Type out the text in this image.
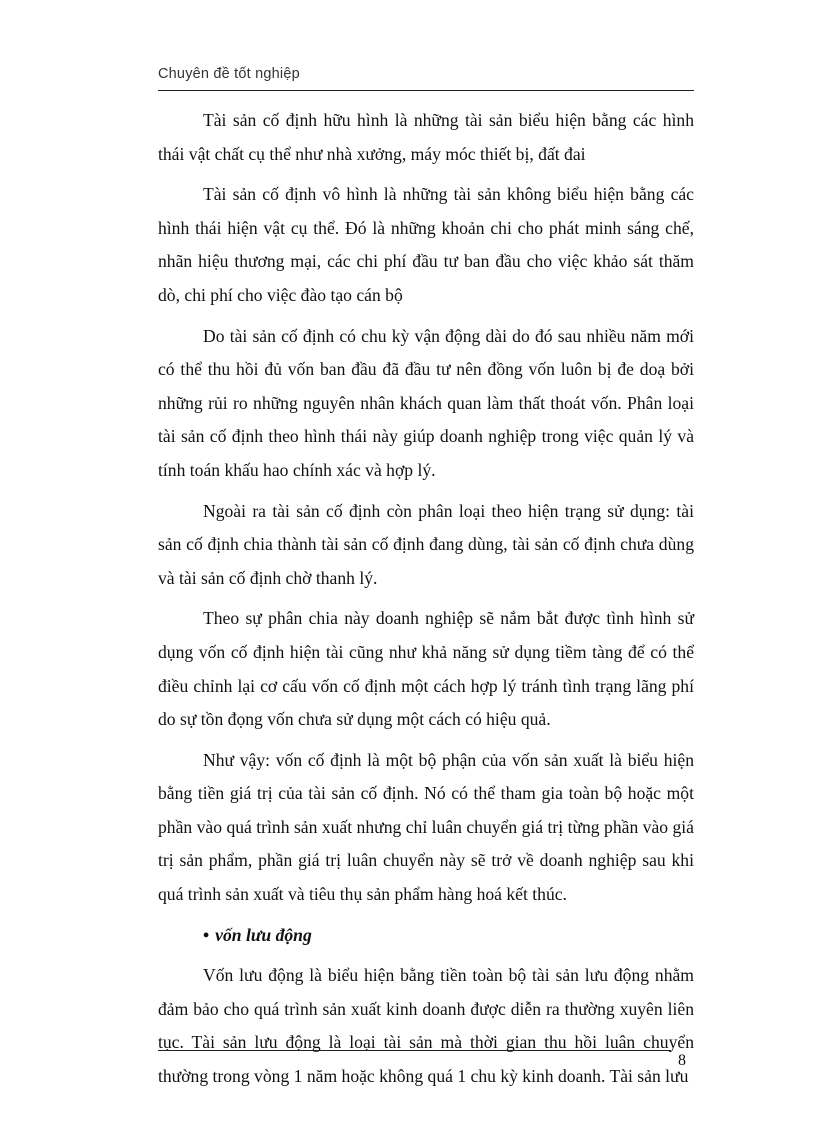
Chuyên đề tốt nghiệp

Tài sản cố định hữu hình là những tài sản biểu hiện bằng các hình thái vật chất cụ thể như nhà xưởng, máy móc thiết bị, đất đai

Tài sản cố định vô hình là những tài sản không biểu hiện bằng các hình thái hiện vật cụ thể. Đó là những khoản chi cho phát minh sáng chế, nhãn hiệu thương mại, các chi phí đầu tư ban đầu cho việc khảo sát thăm dò, chi phí cho việc đào tạo cán bộ

Do tài sản cố định có chu kỳ vận động dài do đó sau nhiều năm mới có thể thu hồi đủ vốn ban đầu đã đầu tư nên đồng vốn luôn bị đe doạ bởi những rủi ro những nguyên nhân khách quan làm thất thoát vốn. Phân loại tài sản cố định theo hình thái này giúp doanh nghiệp trong việc quản lý và tính toán khấu hao chính xác và hợp lý.

Ngoài ra tài sản cố định còn phân loại theo hiện trạng sử dụng: tài sản cố định chia thành tài sản cố định đang dùng, tài sản cố định chưa dùng và tài sản cố định chờ thanh lý.

Theo sự phân chia này doanh nghiệp sẽ nắm bắt được tình hình sử dụng vốn cố định hiện tài cũng như khả năng sử dụng tiềm tàng để có thể điều chỉnh lại cơ cấu vốn cố định một cách hợp lý tránh tình trạng lãng phí do sự tồn đọng vốn chưa sử dụng một cách có hiệu quả.

Như vậy: vốn cố định là một bộ phận của vốn sản xuất là biểu hiện bằng tiền giá trị của tài sản cố định. Nó có thể tham gia toàn bộ hoặc một phần vào quá trình sản xuất nhưng chỉ luân chuyển giá trị từng phần vào giá trị sản phẩm, phần giá trị luân chuyển này sẽ trở về doanh nghiệp sau khi quá trình sản xuất và tiêu thụ sản phẩm hàng hoá kết thúc.

• vốn lưu động

Vốn lưu động là biểu hiện bằng tiền toàn bộ tài sản lưu động nhằm đảm bảo cho quá trình sản xuất kinh doanh được diễn ra thường xuyên liên tục. Tài sản lưu động là loại tài sản mà thời gian thu hồi luân chuyển thường trong vòng 1 năm hoặc không quá 1 chu kỳ kinh doanh. Tài sản lưu

8
